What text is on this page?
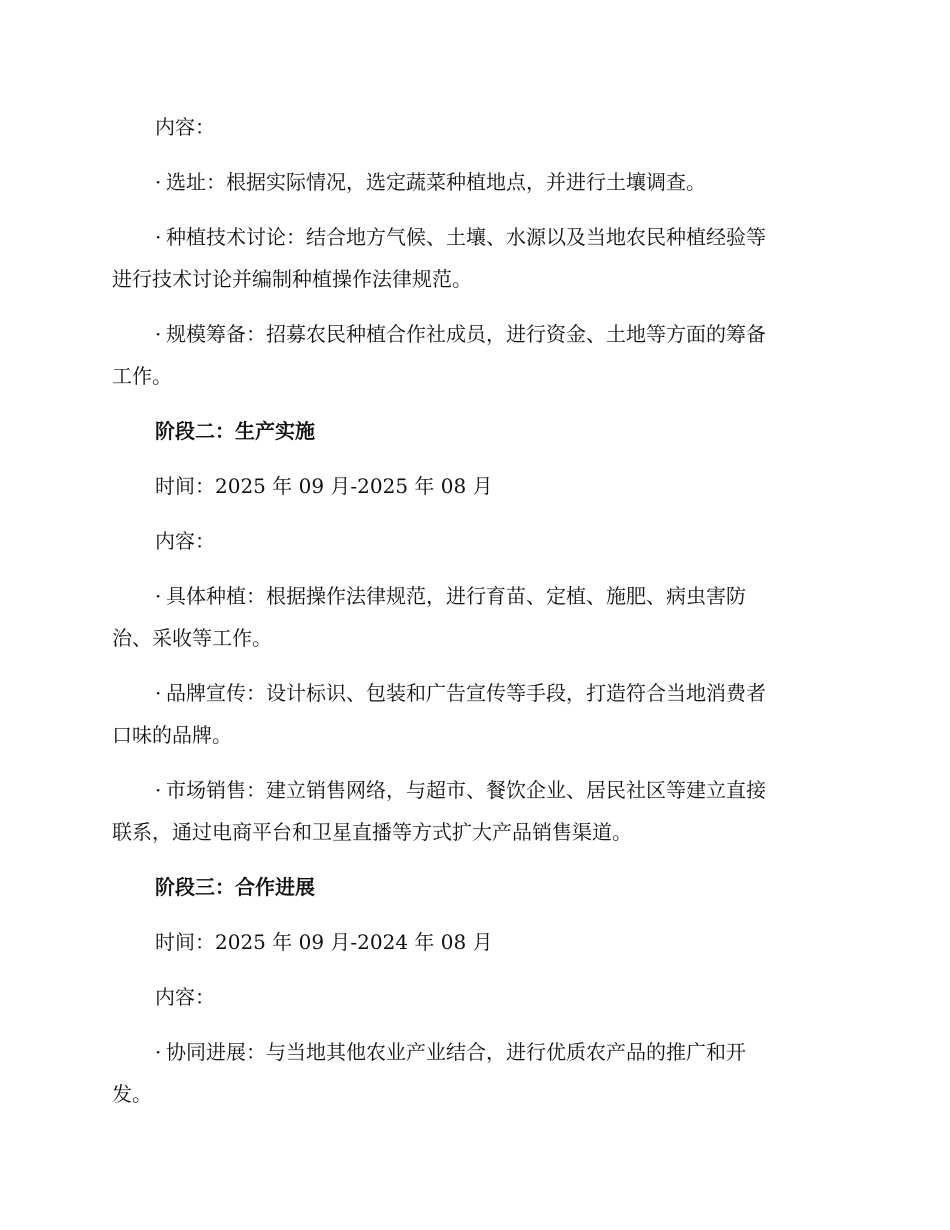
内容：
· 选址：根据实际情况，选定蔬菜种植地点，并进行土壤调查。
· 种植技术讨论：结合地方气候、土壤、水源以及当地农民种植经验等
进行技术讨论并编制种植操作法律规范。
· 规模筹备：招募农民种植合作社成员，进行资金、土地等方面的筹备
工作。
阶段二：生产实施
时间：2025 年 09 月-2025 年 08 月
内容：
· 具体种植：根据操作法律规范，进行育苗、定植、施肥、病虫害防
治、采收等工作。
· 品牌宣传：设计标识、包装和广告宣传等手段，打造符合当地消费者
口味的品牌。
· 市场销售：建立销售网络，与超市、餐饮企业、居民社区等建立直接
联系，通过电商平台和卫星直播等方式扩大产品销售渠道。
阶段三：合作进展
时间：2025 年 09 月-2024 年 08 月
内容：
· 协同进展：与当地其他农业产业结合，进行优质农产品的推广和开
发。
